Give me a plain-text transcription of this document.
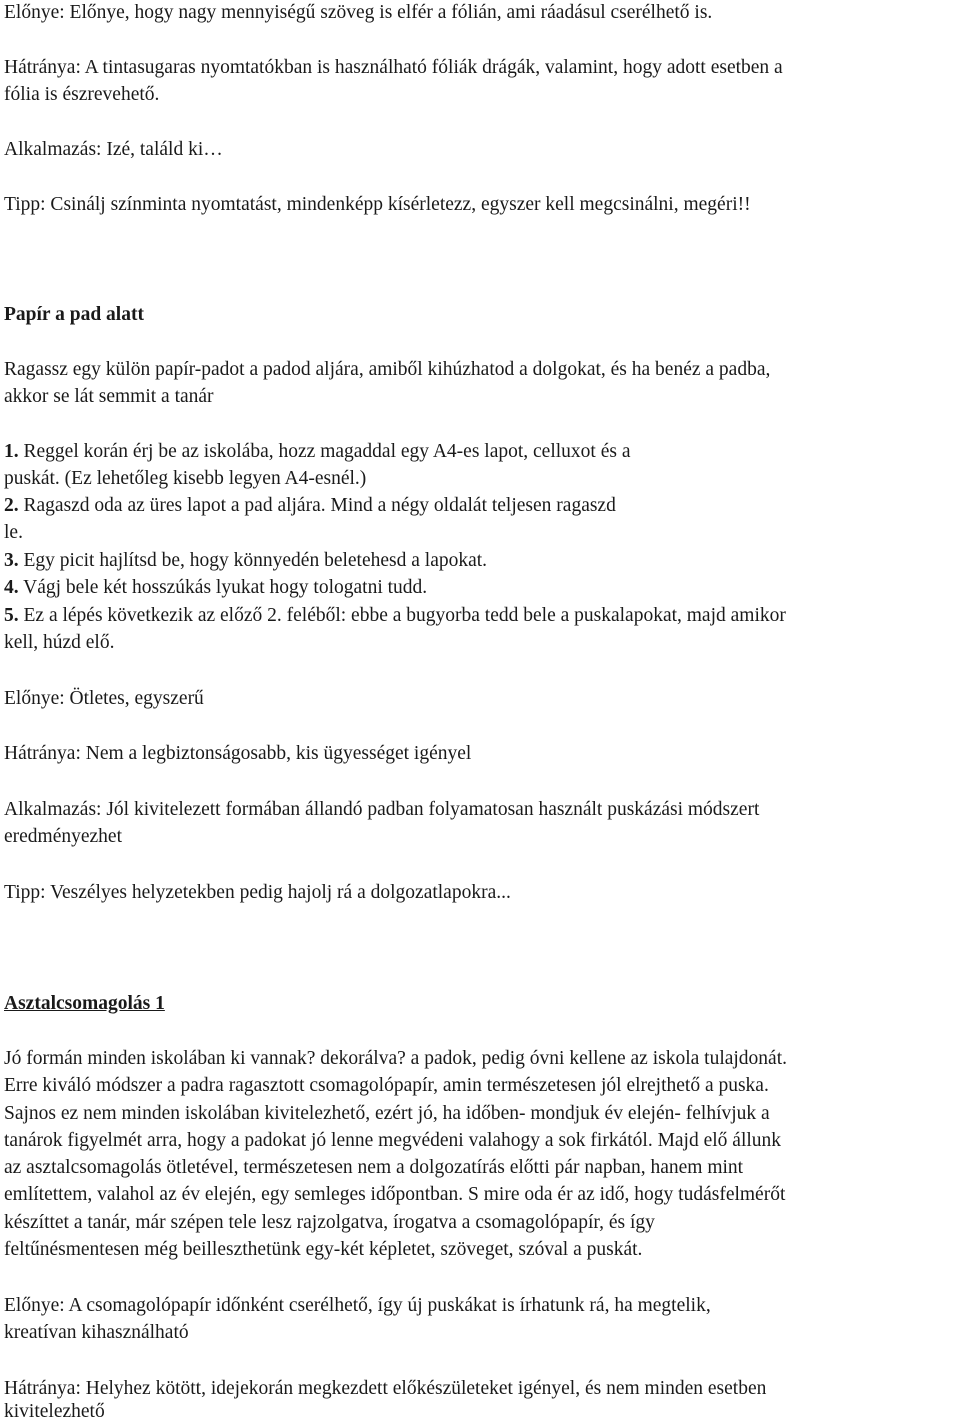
Előnye: Előnye, hogy nagy mennyiségű szöveg is elfér a fólián, ami ráadásul cserélhető is.
Hátránya: A tintasugaras nyomtatókban is használható fóliák drágák, valamint, hogy adott esetben a
fólia is észrevehető.
Alkalmazás: Izé, találd ki…
Tipp: Csinálj színminta nyomtatást, mindenképp kísérletezz, egyszer kell megcsinálni, megéri!!
Papír a pad alatt
Ragassz egy külön papír-padot a padod aljára, amiből kihúzhatod a dolgokat, és ha benéz a padba,
akkor se lát semmit a tanár
1. Reggel korán érj be az iskolába, hozz magaddal egy A4-es lapot, celluxot és a
puskát. (Ez lehetőleg kisebb legyen A4-esnél.)
2. Ragaszd oda az üres lapot a pad aljára. Mind a négy oldalát teljesen ragaszd
le.
3. Egy picit hajlítsd be, hogy könnyedén beletehesd a lapokat.
4. Vágj bele két hosszúkás lyukat hogy tologatni tudd.
5. Ez a lépés következik az előző 2. feléből: ebbe a bugyorba tedd bele a puskalapokat, majd amikor
kell, húzd elő.
Előnye: Ötletes, egyszerű
Hátránya: Nem a legbiztonságosabb, kis ügyességet igényel
Alkalmazás: Jól kivitelezett formában állandó padban folyamatosan használt puskázási módszert
eredményezhet
Tipp: Veszélyes helyzetekben pedig hajolj rá a dolgozatlapokra...
Asztalcsomagolás 1
Jó formán minden iskolában ki vannak? dekorálva? a padok, pedig óvni kellene az iskola tulajdonát.
Erre kiváló módszer a padra ragasztott csomagolópapír, amin természetesen jól elrejthető a puska.
Sajnos ez nem minden iskolában kivitelezhető, ezért jó, ha időben- mondjuk év elején- felhívjuk a
tanárok figyelmét arra, hogy a padokat jó lenne megvédeni valahogy a sok firkától. Majd elő állunk
az asztalcsomagolás ötletével, természetesen nem a dolgozatírás előtti pár napban, hanem mint
említettem, valahol az év elején, egy semleges időpontban. S mire oda ér az idő, hogy tudásfelmérőt
készíttet a tanár, már szépen tele lesz rajzolgatva, írogatva a csomagolópapír, és így
feltűnésmentesen még beilleszthetünk egy-két képletet, szöveget, szóval a puskát.
Előnye: A csomagolópapír időnként cserélhető, így új puskákat is írhatunk rá, ha megtelik,
kreatívan kihasználható
Hátránya: Helyhez kötött, idejekorán megkezdett előkészületeket igényel, és nem minden esetben
kivitelezhető
